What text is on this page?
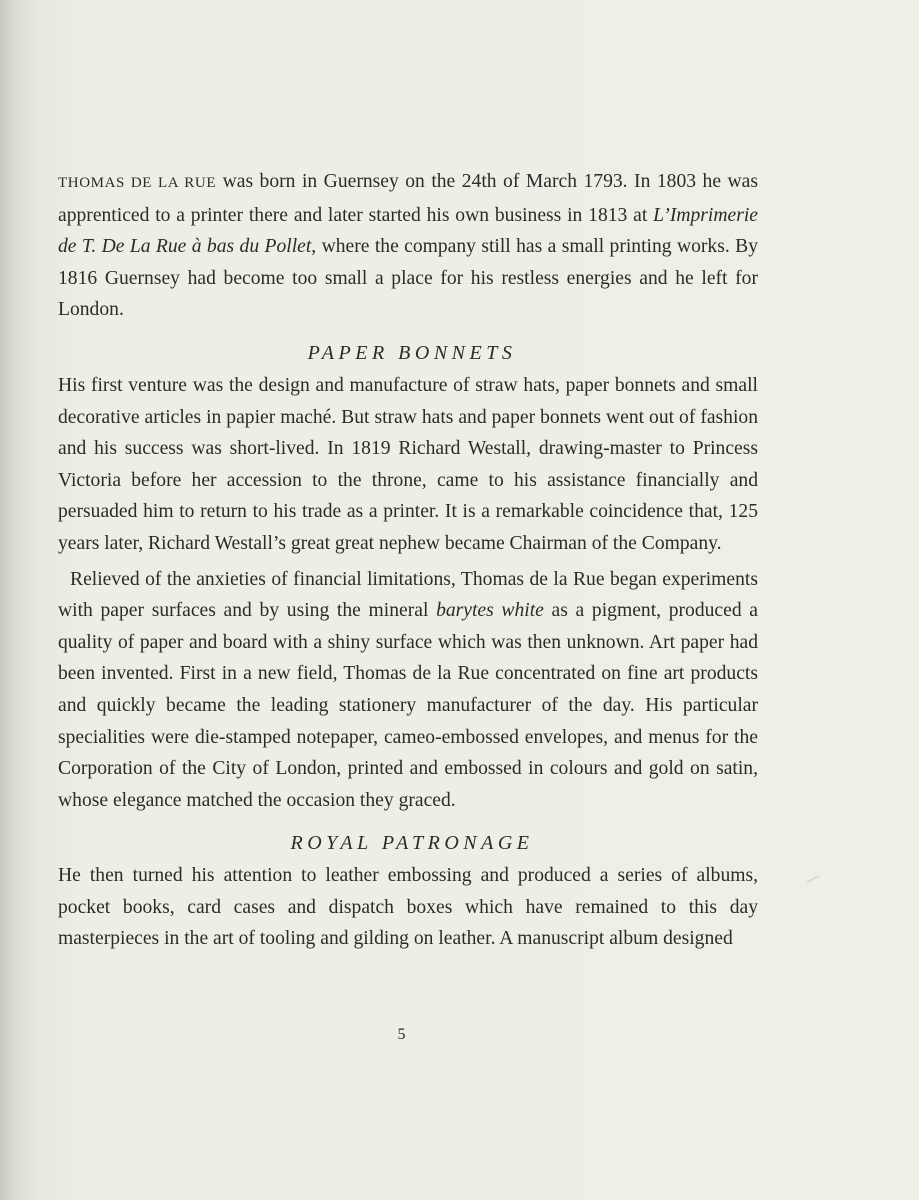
THOMAS DE LA RUE was born in Guernsey on the 24th of March 1793. In 1803 he was apprenticed to a printer there and later started his own business in 1813 at L’Imprimerie de T. De La Rue à bas du Pollet, where the company still has a small printing works. By 1816 Guernsey had become too small a place for his restless energies and he left for London.

PAPER BONNETS

His first venture was the design and manufacture of straw hats, paper bonnets and small decorative articles in papier maché. But straw hats and paper bonnets went out of fashion and his success was short-lived. In 1819 Richard Westall, drawing-master to Princess Victoria before her accession to the throne, came to his assistance financially and persuaded him to return to his trade as a printer. It is a remarkable coincidence that, 125 years later, Richard Westall’s great great nephew became Chairman of the Company.

Relieved of the anxieties of financial limitations, Thomas de la Rue began experiments with paper surfaces and by using the mineral barytes white as a pigment, produced a quality of paper and board with a shiny surface which was then unknown. Art paper had been invented. First in a new field, Thomas de la Rue concentrated on fine art products and quickly became the leading stationery manufacturer of the day. His particular specialities were die-stamped notepaper, cameo-embossed envelopes, and menus for the Corporation of the City of London, printed and embossed in colours and gold on satin, whose elegance matched the occasion they graced.

ROYAL PATRONAGE

He then turned his attention to leather embossing and produced a series of albums, pocket books, card cases and dispatch boxes which have remained to this day masterpieces in the art of tooling and gilding on leather. A manuscript album designed

5
